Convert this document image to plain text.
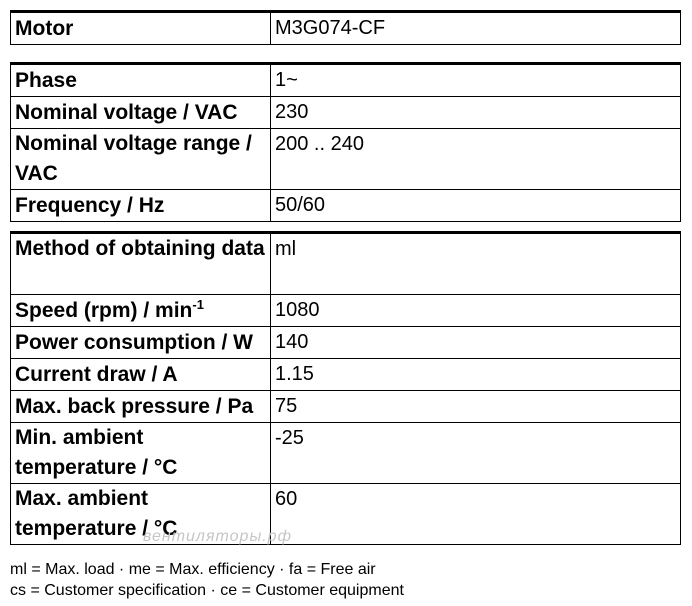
Motor	M3G074-CF
Phase	1~
Nominal voltage / VAC	230
Nominal voltage range / VAC	200 .. 240
Frequency / Hz	50/60
Method of obtaining data	ml
Speed $(rpm) / \min^{-1}$	1080
Power consumption / W	140
Current draw / A	1.15
Max. back pressure / Pa	75
Min. ambient temperature / °C	-25
Max. ambient temperature / °C	60
вентиляторы.рф
ml = Max. load · me = Max. efficiency · fa = Free air
cs = Customer specification · ce = Customer equipment
